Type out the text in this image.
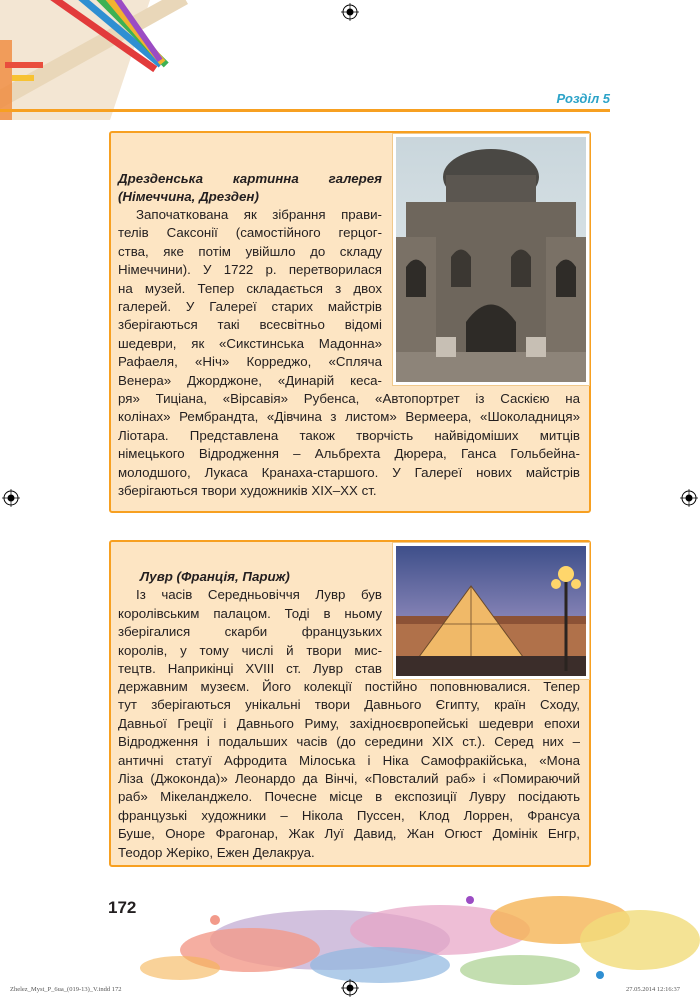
Розділ 5
Дрезденська картинна галерея
(Німеччина, Дрезден)
Започаткована як зібрання прави-
телів Саксонії (самостійного герцог-
ства, яке потім увійшло до складу
Німеччини). У 1722 р. перетворилася
на музей. Тепер складається з двох
галерей. У Галереї старих майстрів
зберігаються такі всесвітньо відомі
шедеври, як «Сикстинська Мадонна»
Рафаеля, «Ніч» Корреджо, «Спляча
Венера» Джорджоне, «Динарій кеса-
ря» Тиціана, «Вірсавія» Рубенса, «Автопортрет із Саскією на
колінах» Рембрандта, «Дівчина з листом» Вермеера, «Шоколадниця»
Ліотара. Представлена також творчість найвідоміших митців
німецького Відродження – Альбрехта Дюрера, Ганса Гольбейна-
молодшого, Лукаса Кранаха-старшого. У Галереї нових майстрів
зберігаються твори художників XIX–XX ст.
Лувр (Франція, Париж)
Із часів Середньовіччя Лувр був
королівським палацом. Тоді в ньому
зберігалися скарби французьких
королів, у тому числі й твори мис-
тецтв. Наприкінці XVIII ст. Лувр став
державним музеєм. Його колекції постійно поповнювалися. Тепер
тут зберігаються унікальні твори Давнього Єгипту, країн Сходу,
Давньої Греції і Давнього Риму, західноєвропейські шедеври епохи
Відродження і подальших часів (до середини XIX ст.). Серед них –
античні статуї Афродита Мілоська і Ніка Самофракійська, «Мона
Ліза (Джоконда)» Леонардо да Вінчі, «Повсталий раб» і «Помираючий
раб» Мікеланджело. Почесне місце в експозиції Лувру посідають
французькі художники – Нікола Пуссен, Клод Лоррен, Франсуа
Буше, Оноре Фрагонар, Жак Луї Давид, Жан Огюст Домінік Енгр,
Теодор Жеріко, Ежен Делакруа.
172
Zhelez_Myst_P_6ua_(019-13)_V.indd 172	27.05.2014 12:16:37
